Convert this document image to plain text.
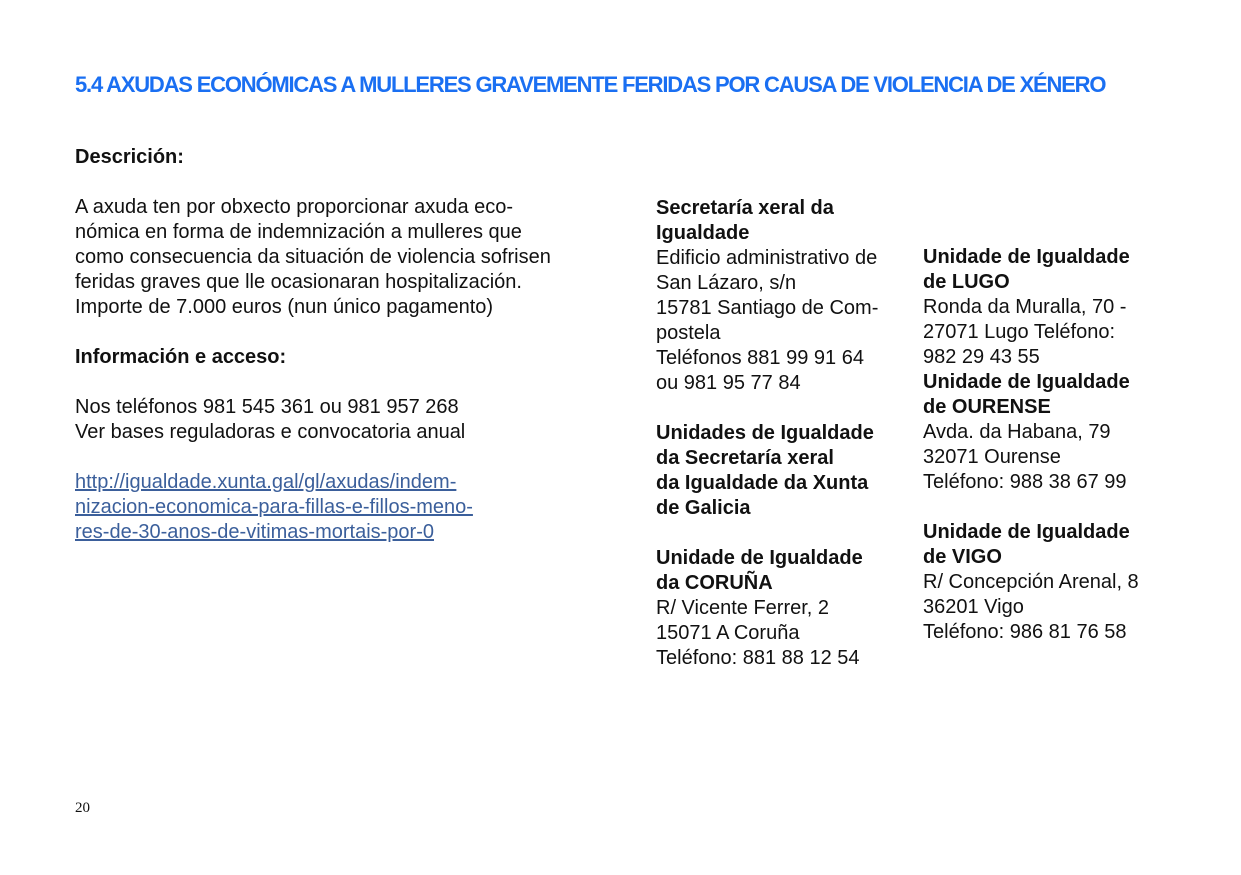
5.4 AXUDAS ECONÓMICAS A MULLERES GRAVEMENTE FERIDAS POR CAUSA DE VIOLENCIA DE XÉNERO
Descrición:
A axuda ten por obxecto proporcionar axuda eco-
nómica en forma de indemnización a mulleres que
como consecuencia da situación de violencia sofrisen
feridas graves que lle ocasionaran hospitalización.
Importe de 7.000 euros (nun único pagamento)
Información e acceso:
Nos teléfonos 981 545 361 ou 981 957 268
Ver bases reguladoras e convocatoria anual
http://igualdade.xunta.gal/gl/axudas/indem-
nizacion-economica-para-fillas-e-fillos-meno-
res-de-30-anos-de-vitimas-mortais-por-0
Secretaría xeral da
Igualdade
Edificio administrativo de
San Lázaro, s/n
15781 Santiago de Com-
postela
Teléfonos 881 99 91 64
ou 981 95 77 84
Unidades de Igualdade
da Secretaría xeral
da Igualdade da Xunta
de Galicia
Unidade de Igualdade
da CORUÑA
R/ Vicente Ferrer, 2
15071 A Coruña
Teléfono: 881 88 12 54
Unidade de Igualdade
de LUGO
Ronda da Muralla, 70 -
27071 Lugo Teléfono:
982 29 43 55
Unidade de Igualdade
de OURENSE
Avda. da Habana, 79
32071 Ourense
Teléfono: 988 38 67 99
Unidade de Igualdade
de VIGO
R/ Concepción Arenal, 8
36201 Vigo
Teléfono: 986 81 76 58
20
